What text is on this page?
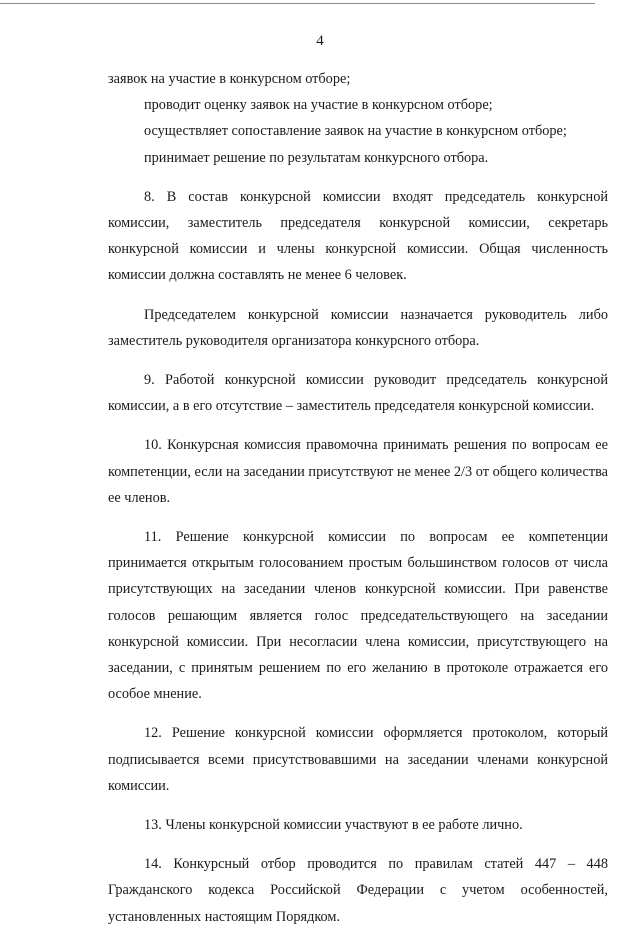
4

заявок на участие в конкурсном отборе;

проводит оценку заявок на участие в конкурсном отборе;

осуществляет сопоставление заявок на участие в конкурсном отборе;

принимает решение по результатам конкурсного отбора.

8. В состав конкурсной комиссии входят председатель конкурсной комиссии, заместитель председателя конкурсной комиссии, секретарь конкурсной комиссии и члены конкурсной комиссии. Общая численность комиссии должна составлять не менее 6 человек.

Председателем конкурсной комиссии назначается руководитель либо заместитель руководителя организатора конкурсного отбора.

9. Работой конкурсной комиссии руководит председатель конкурсной комиссии, а в его отсутствие – заместитель председателя конкурсной комиссии.

10. Конкурсная комиссия правомочна принимать решения по вопросам ее компетенции, если на заседании присутствуют не менее 2/3 от общего количества ее членов.

11. Решение конкурсной комиссии по вопросам ее компетенции принимается открытым голосованием простым большинством голосов от числа присутствующих на заседании членов конкурсной комиссии. При равенстве голосов решающим является голос председательствующего на заседании конкурсной комиссии. При несогласии члена комиссии, присутствующего на заседании, с принятым решением по его желанию в протоколе отражается его особое мнение.

12. Решение конкурсной комиссии оформляется протоколом, который подписывается всеми присутствовавшими на заседании членами конкурсной комиссии.

13. Члены конкурсной комиссии участвуют в ее работе лично.

14. Конкурсный отбор проводится по правилам статей 447 – 448 Гражданского кодекса Российской Федерации с учетом особенностей, установленных настоящим Порядком.
